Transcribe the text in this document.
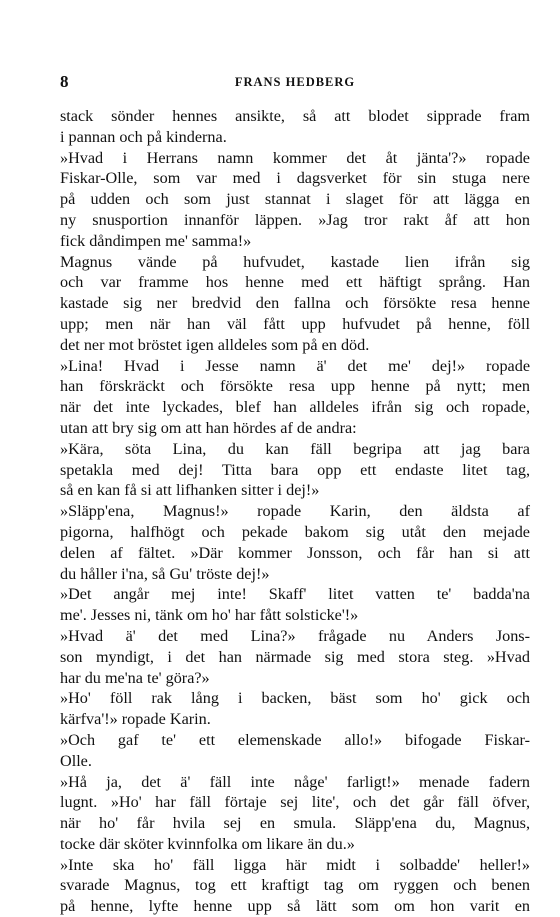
8	FRANS HEDBERG
stack sönder hennes ansikte, så att blodet sipprade fram
i pannan och på kinderna.
»Hvad i Herrans namn kommer det åt jänta'?» ropade
Fiskar-Olle, som var med i dagsverket för sin stuga nere
på udden och som just stannat i slaget för att lägga en
ny snusportion innanför läppen. »Jag tror rakt åf att hon
fick dåndimpen me' samma!»
Magnus vände på hufvudet, kastade lien ifrån sig
och var framme hos henne med ett häftigt språng. Han
kastade sig ner bredvid den fallna och försökte resa henne
upp; men när han väl fått upp hufvudet på henne, föll
det ner mot bröstet igen alldeles som på en död.
»Lina! Hvad i Jesse namn ä' det me' dej!» ropade
han förskräckt och försökte resa upp henne på nytt; men
när det inte lyckades, blef han alldeles ifrån sig och ropade,
utan att bry sig om att han hördes af de andra:
»Kära, söta Lina, du kan fäll begripa att jag bara
spetakla med dej! Titta bara opp ett endaste litet tag,
så en kan få si att lifhanken sitter i dej!»
»Släpp'ena, Magnus!» ropade Karin, den äldsta af
pigorna, halfhögt och pekade bakom sig utåt den mejade
delen af fältet. »Där kommer Jonsson, och får han si att
du håller i'na, så Gu' tröste dej!»
»Det angår mej inte! Skaff' litet vatten te' badda'na
me'. Jesses ni, tänk om ho' har fått solsticke'!»
»Hvad ä' det med Lina?» frågade nu Anders Jons-
son myndigt, i det han närmade sig med stora steg. »Hvad
har du me'na te' göra?»
»Ho' föll rak lång i backen, bäst som ho' gick och
kärfva'!» ropade Karin.
»Och gaf te' ett elemenskade allo!» bifogade Fiskar-
Olle.
»Hå ja, det ä' fäll inte någe' farligt!» menade fadern
lugnt. »Ho' har fäll förtaje sej lite', och det går fäll öfver,
när ho' får hvila sej en smula. Släpp'ena du, Magnus,
tocke där sköter kvinnfolka om likare än du.»
»Inte ska ho' fäll ligga här midt i solbadde' heller!»
svarade Magnus, tog ett kraftigt tag om ryggen och benen
på henne, lyfte henne upp så lätt som om hon varit en
